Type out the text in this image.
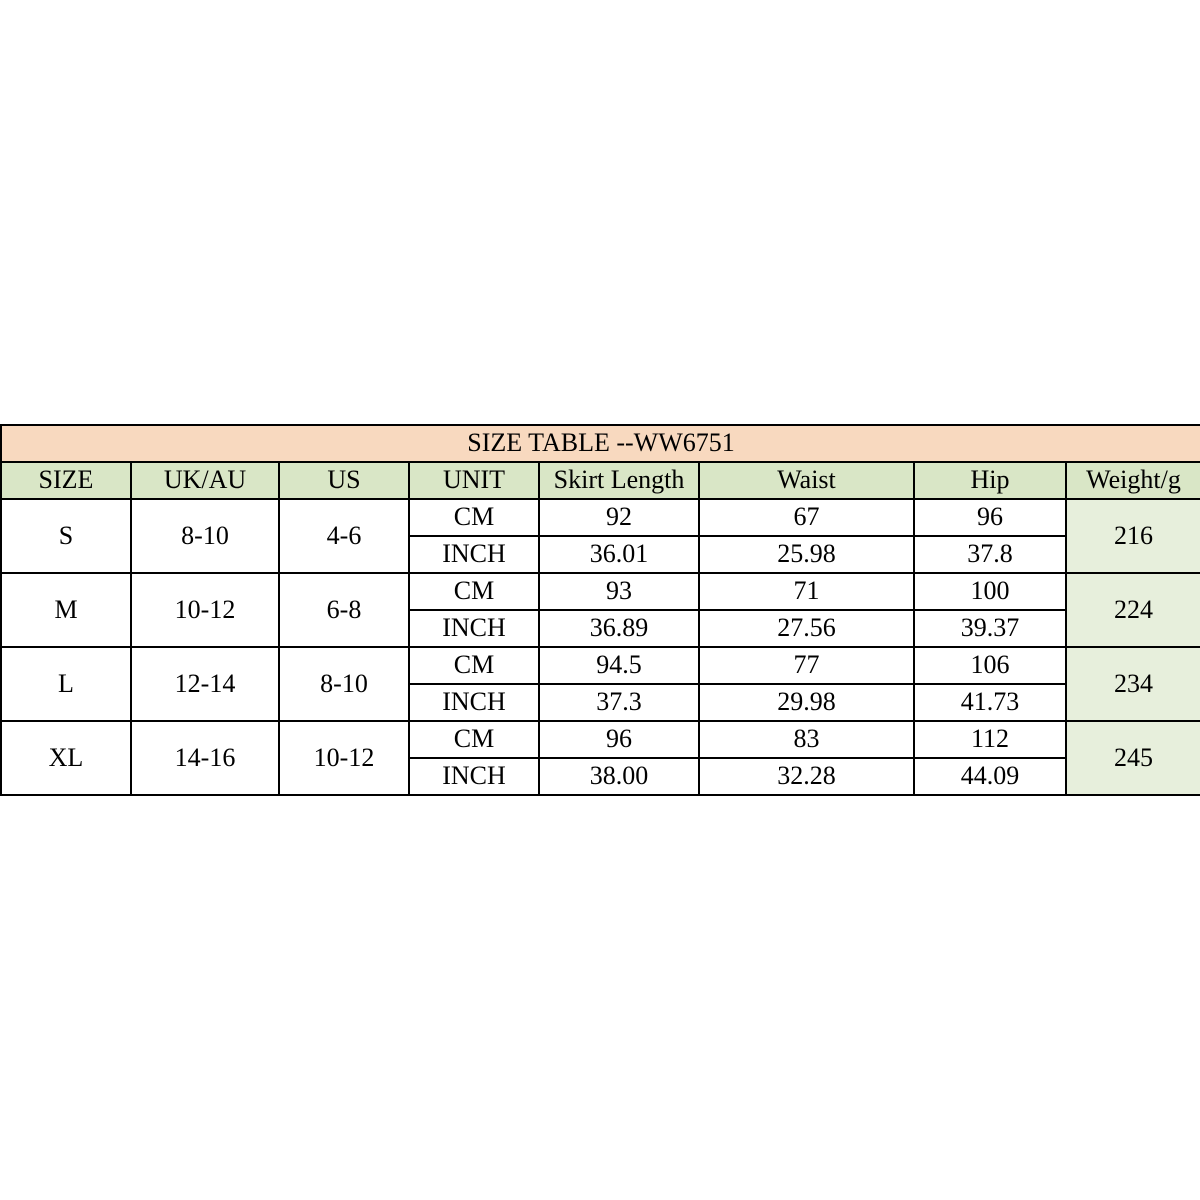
SIZE TABLE --WW6751							
SIZE	UK/AU	US	UNIT	Skirt Length	Waist	Hip	Weight/g
S	8-10	4-6	CM	92	67	96	216
			INCH	36.01	25.98	37.8	
M	10-12	6-8	CM	93	71	100	224
			INCH	36.89	27.56	39.37	
L	12-14	8-10	CM	94.5	77	106	234
			INCH	37.3	29.98	41.73	
XL	14-16	10-12	CM	96	83	112	245
			INCH	38.00	32.28	44.09	
